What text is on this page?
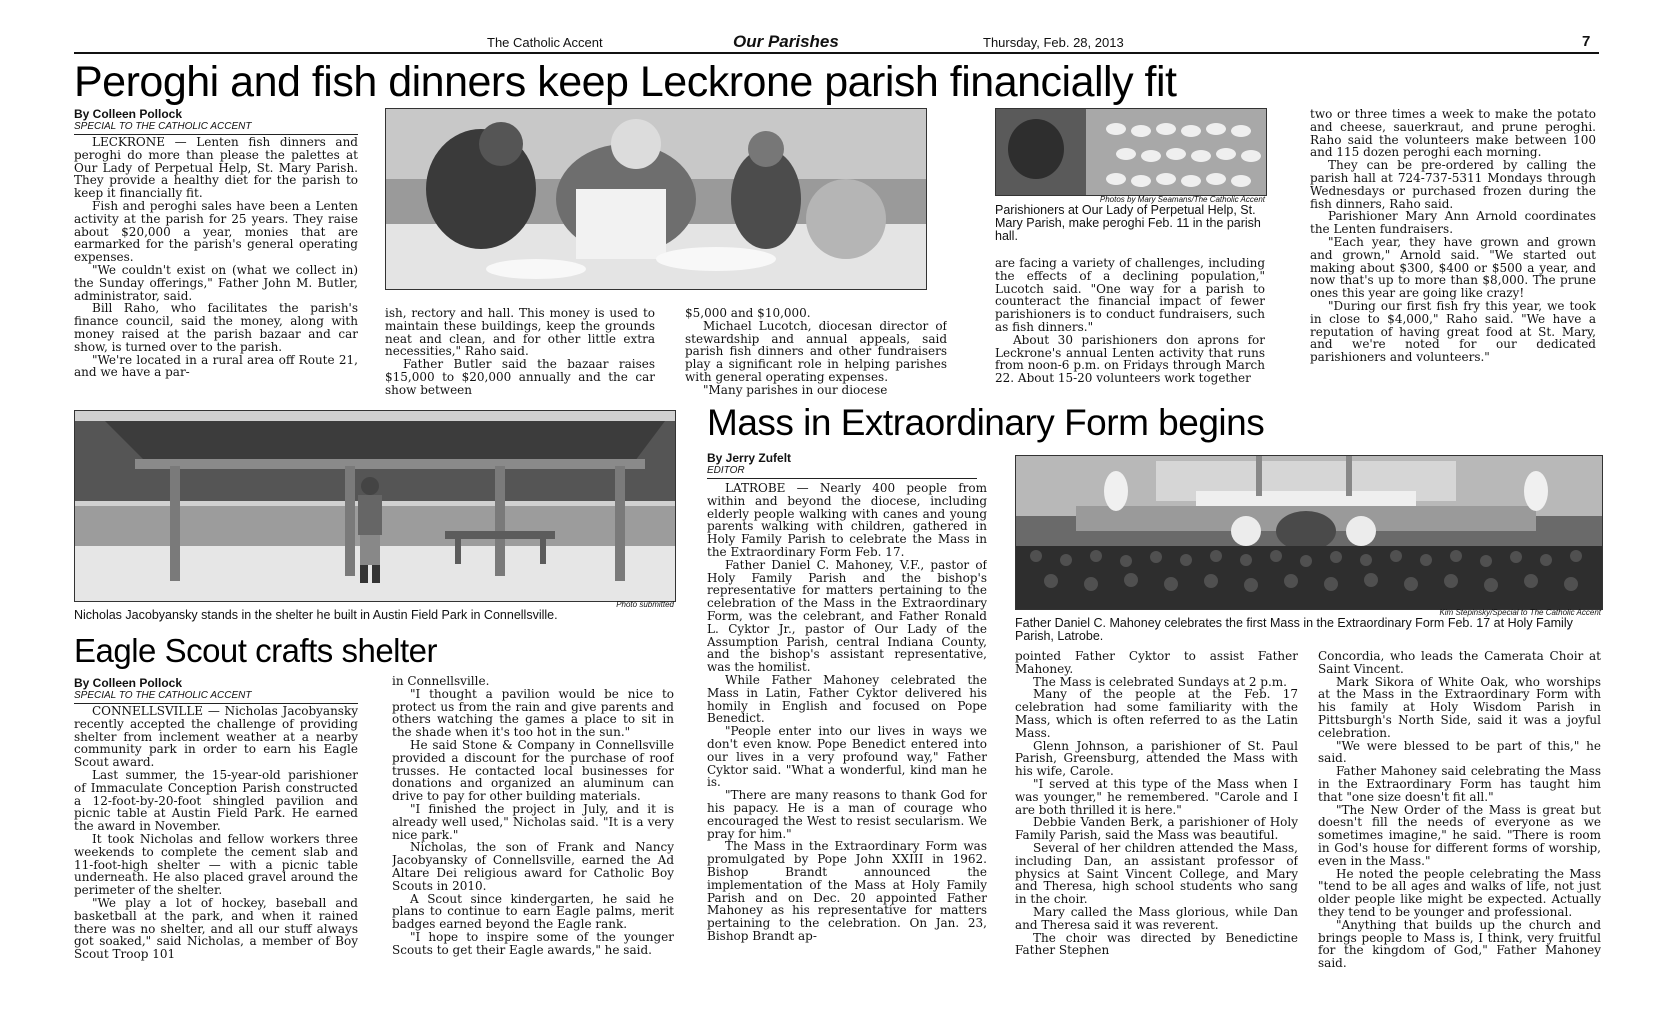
The Catholic Accent	Our Parishes	Thursday, Feb. 28, 2013	7
Peroghi and fish dinners keep Leckrone parish financially fit
By Colleen Pollock
SPECIAL TO THE CATHOLIC ACCENT

LECKRONE — Lenten fish dinners and peroghi do more than please the palettes at Our Lady of Perpetual Help, St. Mary Parish. They provide a healthy diet for the parish to keep it financially fit.

Fish and peroghi sales have been a Lenten activity at the parish for 25 years. They raise about $20,000 a year, monies that are earmarked for the parish's general operating expenses.

"We couldn't exist on (what we collect in) the Sunday offerings," Father John M. Butler, administrator, said.

Bill Raho, who facilitates the parish's finance council, said the money, along with money raised at the parish bazaar and car show, is turned over to the parish.

"We're located in a rural area off Route 21, and we have a par-

ish, rectory and hall. This money is used to maintain these buildings, keep the grounds neat and clean, and for other little extra necessities," Raho said.

Father Butler said the bazaar raises $15,000 to $20,000 annually and the car show between

$5,000 and $10,000.

Michael Lucotch, diocesan director of stewardship and annual appeals, said parish fish dinners and other fundraisers play a significant role in helping parishes with general operating expenses.

"Many parishes in our diocese

Photos by Mary Seamans/The Catholic Accent
Parishioners at Our Lady of Perpetual Help, St. Mary Parish, make peroghi Feb. 11 in the parish hall.

are facing a variety of challenges, including the effects of a declining population," Lucotch said. "One way for a parish to counteract the financial impact of fewer parishioners is to conduct fundraisers, such as fish dinners."

About 30 parishioners don aprons for Leckrone's annual Lenten activity that runs from noon-6 p.m. on Fridays through March 22. About 15-20 volunteers work together

two or three times a week to make the potato and cheese, sauerkraut, and prune peroghi. Raho said the volunteers make between 100 and 115 dozen peroghi each morning.

They can be pre-ordered by calling the parish hall at 724-737-5311 Mondays through Wednesdays or purchased frozen during the fish dinners, Raho said.

Parishioner Mary Ann Arnold coordinates the Lenten fundraisers.

"Each year, they have grown and grown and grown," Arnold said. "We started out making about $300, $400 or $500 a year, and now that's up to more than $8,000. The prune ones this year are going like crazy!

"During our first fish fry this year, we took in close to $4,000," Raho said. "We have a reputation of having great food at St. Mary, and we're noted for our dedicated parishioners and volunteers."

Photo submitted
Nicholas Jacobyansky stands in the shelter he built in Austin Field Park in Connellsville.
Eagle Scout crafts shelter
By Colleen Pollock
SPECIAL TO THE CATHOLIC ACCENT

CONNELLSVILLE — Nicholas Jacobyansky recently accepted the challenge of providing shelter from inclement weather at a nearby community park in order to earn his Eagle Scout award.

Last summer, the 15-year-old parishioner of Immaculate Conception Parish constructed a 12-foot-by-20-foot shingled pavilion and picnic table at Austin Field Park. He earned the award in November.

It took Nicholas and fellow workers three weekends to complete the cement slab and 11-foot-high shelter — with a picnic table underneath. He also placed gravel around the perimeter of the shelter.

"We play a lot of hockey, baseball and basketball at the park, and when it rained there was no shelter, and all our stuff always got soaked," said Nicholas, a member of Boy Scout Troop 101

in Connellsville.

"I thought a pavilion would be nice to protect us from the rain and give parents and others watching the games a place to sit in the shade when it's too hot in the sun."

He said Stone & Company in Connellsville provided a discount for the purchase of roof trusses. He contacted local businesses for donations and organized an aluminum can drive to pay for other building materials.

"I finished the project in July, and it is already well used," Nicholas said. "It is a very nice park."

Nicholas, the son of Frank and Nancy Jacobyansky of Connellsville, earned the Ad Altare Dei religious award for Catholic Boy Scouts in 2010.

A Scout since kindergarten, he said he plans to continue to earn Eagle palms, merit badges earned beyond the Eagle rank.

"I hope to inspire some of the younger Scouts to get their Eagle awards," he said.

Mass in Extraordinary Form begins
By Jerry Zufelt
EDITOR

LATROBE — Nearly 400 people from within and beyond the diocese, including elderly people walking with canes and young parents walking with children, gathered in Holy Family Parish to celebrate the Mass in the Extraordinary Form Feb. 17.

Father Daniel C. Mahoney, V.F., pastor of Holy Family Parish and the bishop's representative for matters pertaining to the celebration of the Mass in the Extraordinary Form, was the celebrant, and Father Ronald L. Cyktor Jr., pastor of Our Lady of the Assumption Parish, central Indiana County, and the bishop's assistant representative, was the homilist.

While Father Mahoney celebrated the Mass in Latin, Father Cyktor delivered his homily in English and focused on Pope Benedict.

"People enter into our lives in ways we don't even know. Pope Benedict entered into our lives in a very profound way," Father Cyktor said. "What a wonderful, kind man he is.

"There are many reasons to thank God for his papacy. He is a man of courage who encouraged the West to resist secularism. We pray for him."

The Mass in the Extraordinary Form was promulgated by Pope John XXIII in 1962. Bishop Brandt announced the implementation of the Mass at Holy Family Parish and on Dec. 20 appointed Father Mahoney as his representative for matters pertaining to the celebration. On Jan. 23, Bishop Brandt ap-

Kim Stepinsky/Special to The Catholic Accent
Father Daniel C. Mahoney celebrates the first Mass in the Extraordinary Form Feb. 17 at Holy Family Parish, Latrobe.

pointed Father Cyktor to assist Father Mahoney.

The Mass is celebrated Sundays at 2 p.m.

Many of the people at the Feb. 17 celebration had some familiarity with the Mass, which is often referred to as the Latin Mass.

Glenn Johnson, a parishioner of St. Paul Parish, Greensburg, attended the Mass with his wife, Carole.

"I served at this type of the Mass when I was younger," he remembered. "Carole and I are both thrilled it is here."

Debbie Vanden Berk, a parishioner of Holy Family Parish, said the Mass was beautiful.

Several of her children attended the Mass, including Dan, an assistant professor of physics at Saint Vincent College, and Mary and Theresa, high school students who sang in the choir.

Mary called the Mass glorious, while Dan and Theresa said it was reverent.

The choir was directed by Benedictine Father Stephen

Concordia, who leads the Camerata Choir at Saint Vincent.

Mark Sikora of White Oak, who worships at the Mass in the Extraordinary Form with his family at Holy Wisdom Parish in Pittsburgh's North Side, said it was a joyful celebration.

"We were blessed to be part of this," he said.

Father Mahoney said celebrating the Mass in the Extraordinary Form has taught him that "one size doesn't fit all."

"The New Order of the Mass is great but doesn't fill the needs of everyone as we sometimes imagine," he said. "There is room in God's house for different forms of worship, even in the Mass."

He noted the people celebrating the Mass "tend to be all ages and walks of life, not just older people like might be expected. Actually they tend to be younger and professional.

"Anything that builds up the church and brings people to Mass is, I think, very fruitful for the kingdom of God," Father Mahoney said.
